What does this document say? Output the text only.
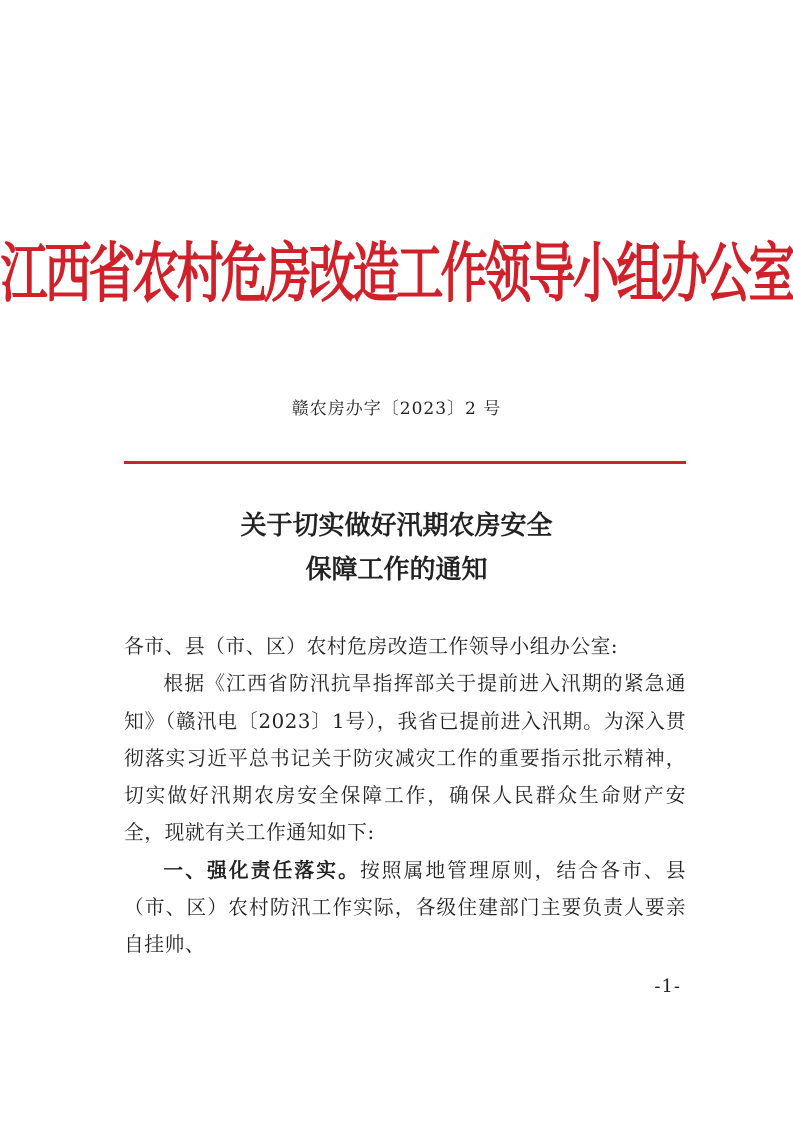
江西省农村危房改造工作领导小组办公室
赣农房办字〔2023〕2 号
关于切实做好汛期农房安全
保障工作的通知

各市、县（市、区）农村危房改造工作领导小组办公室:

根据《江西省防汛抗旱指挥部关于提前进入汛期的紧急通知》（赣汛电〔2023〕1号），我省已提前进入汛期。为深入贯彻落实习近平总书记关于防灾减灾工作的重要指示批示精神，切实做好汛期农房安全保障工作，确保人民群众生命财产安全，现就有关工作通知如下:

一、强化责任落实。按照属地管理原则，结合各市、县（市、区）农村防汛工作实际，各级住建部门主要负责人要亲自挂帅、

-1-
